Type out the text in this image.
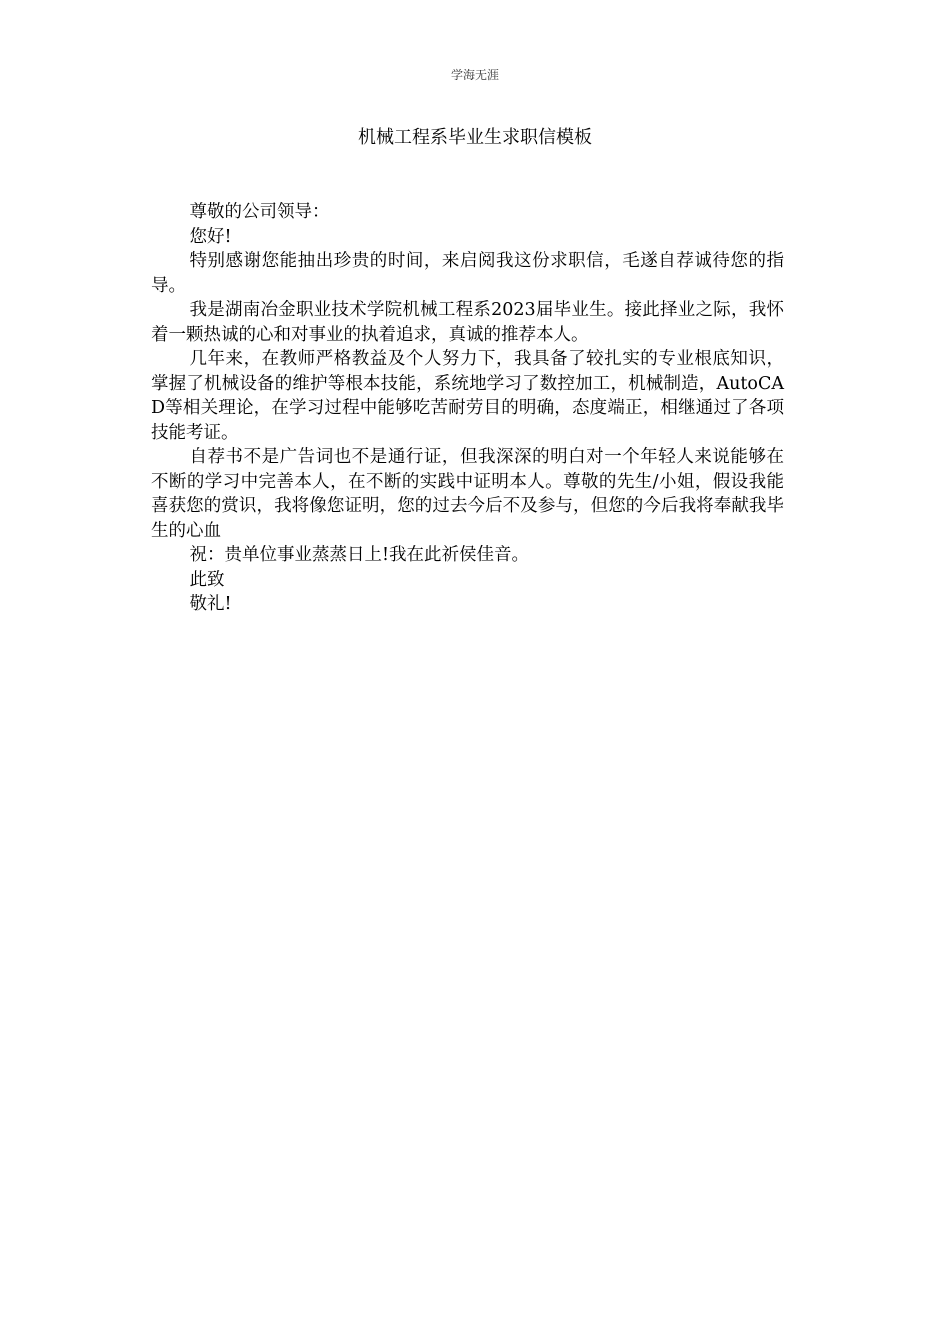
学海无涯
机械工程系毕业生求职信模板

尊敬的公司领导：

您好!

特别感谢您能抽出珍贵的时间，来启阅我这份求职信，毛遂自荐诚待您的指导。

我是湖南冶金职业技术学院机械工程系2023届毕业生。接此择业之际，我怀着一颗热诚的心和对事业的执着追求，真诚的推荐本人。

几年来，在教师严格教益及个人努力下，我具备了较扎实的专业根底知识，掌握了机械设备的维护等根本技能，系统地学习了数控加工，机械制造，AutoCAD等相关理论，在学习过程中能够吃苦耐劳目的明确，态度端正，相继通过了各项技能考证。

自荐书不是广告词也不是通行证，但我深深的明白对一个年轻人来说能够在不断的学习中完善本人，在不断的实践中证明本人。尊敬的先生/小姐，假设我能喜获您的赏识，我将像您证明，您的过去今后不及参与，但您的今后我将奉献我毕生的心血

祝：贵单位事业蒸蒸日上!我在此祈侯佳音。

此致

敬礼!
